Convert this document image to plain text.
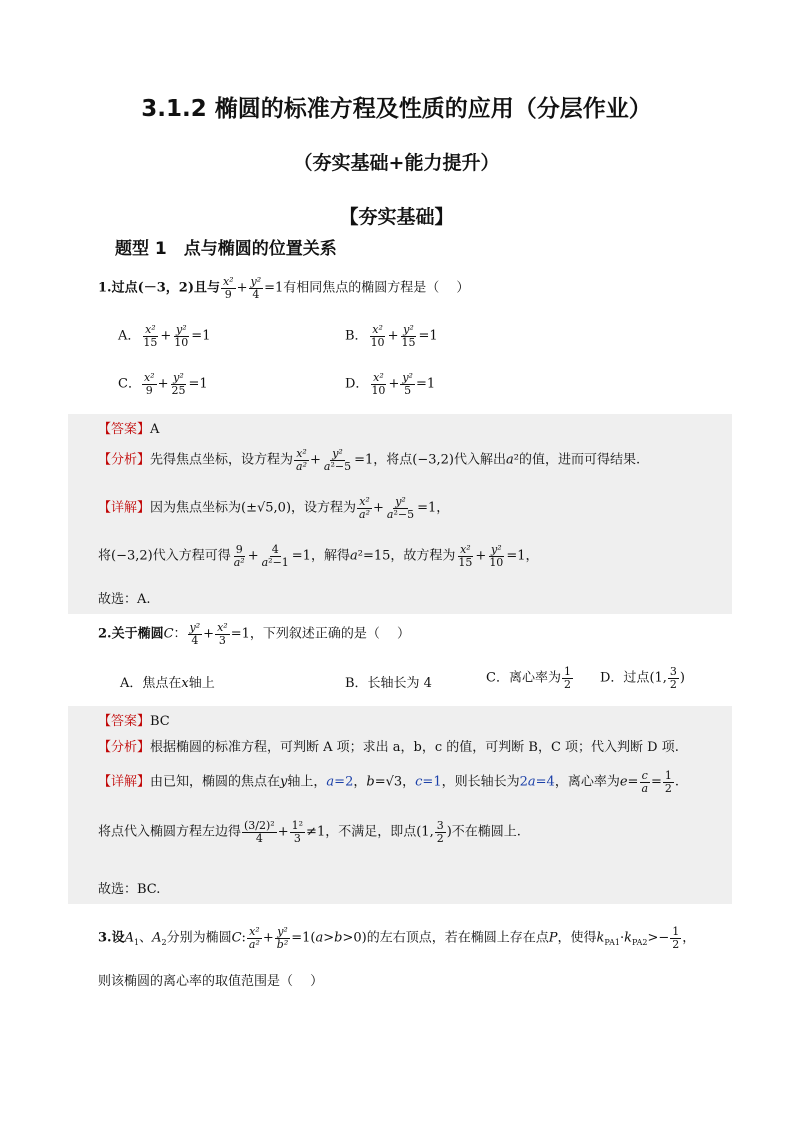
3.1.2 椭圆的标准方程及性质的应用（分层作业）
（夯实基础+能力提升）
【夯实基础】
题型 1　点与椭圆的位置关系
1.过点(－3，2)且与 $\frac{\text{x²}}{9} + \frac{\text{y²}}{4} =1$有相同焦点的椭圆方程是（　 ）
A． $\frac{\text{x²}}{15} + \frac{\text{y²}}{10} =1$	B． $\frac{\text{x²}}{10} + \frac{\text{y²}}{15} =1$
C． $\frac{\text{x²}}{9} + \frac{\text{y²}}{25} =1$	D． $\frac{\text{x²}}{10} + \frac{\text{y²}}{5} =1$
【答案】A
【分析】先得焦点坐标，设方程为 $\frac{\text{x²}}{\text{a²}} + \frac{\text{y²}}{\text{a²−5}} =1$，将点(−3,2)代入解出a²的值，进而可得结果.
【详解】因为焦点坐标为(±√5,0)，设方程为 $\frac{\text{x²}}{\text{a²}} + \frac{\text{y²}}{\text{a²−5}} =1$，
将(−3,2)代入方程可得 $\frac{9}{\text{a²}} + \frac{4}{\text{a²−1}} =1$，解得a²=15，故方程为 $\frac{\text{x²}}{15} + \frac{\text{y²}}{10} =1$，
故选：A.
2.关于椭圆C： $\frac{\text{y²}}{4} + \frac{\text{x²}}{3} =1$，下列叙述正确的是（　 ）
A．焦点在x轴上	B．长轴长为 4	C．离心率为 $\frac{1}{2}$ D．过点(1, $\frac{3}{2}$ )
【答案】BC
【分析】根据椭圆的标准方程，可判断 A 项；求出 a，b，c 的值，可判断 B，C 项；代入判断 D 项.
【详解】由已知，椭圆的焦点在y轴上，a=2，b=√3，c=1，则长轴长为2a=4，离心率为$e= \frac{c}{a} = \frac{1}{2}$ .
将点代入椭圆方程左边得 $\frac{\text{(3/2)²}}{4} + \frac{\text{1²}}{3} \ne 1$，不满足，即点(1, $\frac{3}{2}$ )不在椭圆上.
故选：BC.
3.设$A_1$、$A_2$分别为椭圆C: $\frac{\text{x²}}{\text{a²}} + \frac{\text{y²}}{\text{b²}} =1(a>b>0)$的左右顶点，若在椭圆上存在点P，使得$k_{PA1}\cdot k_{PA2}>- \frac{1}{2}$ ，
则该椭圆的离心率的取值范围是（　 ）
